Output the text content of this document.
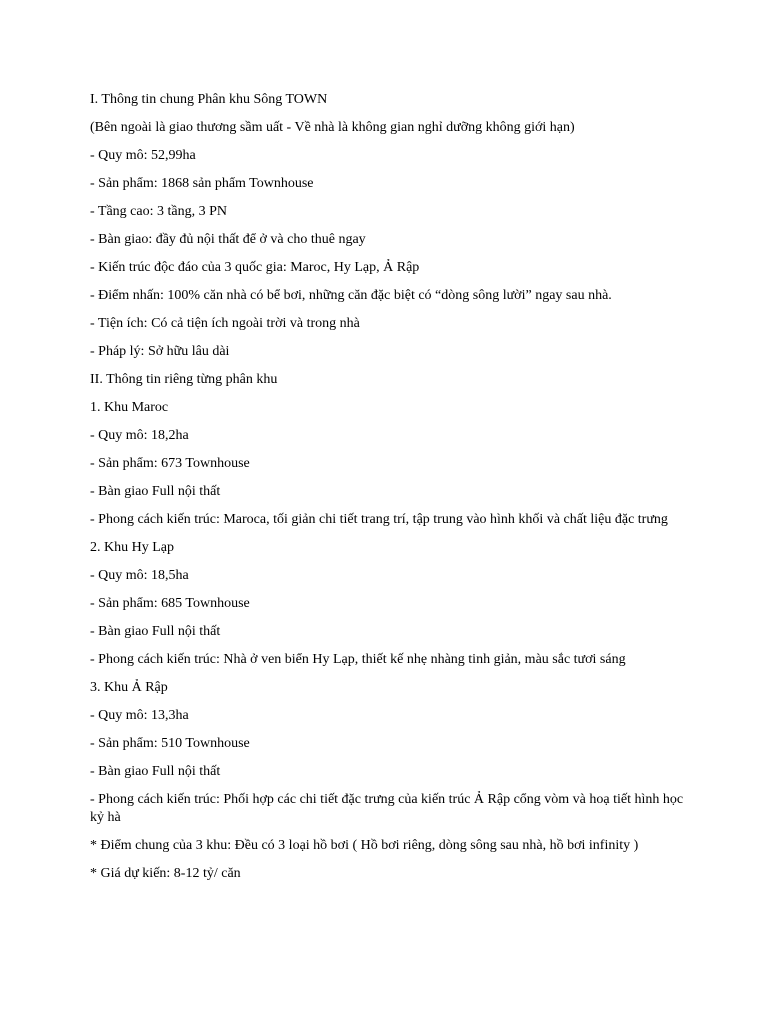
I. Thông tin chung Phân khu Sông TOWN

(Bên ngoài là giao thương sầm uất - Về nhà là không gian nghỉ dưỡng không giới hạn)

- Quy mô: 52,99ha

- Sản phẩm: 1868 sản phẩm Townhouse

- Tầng cao: 3 tầng, 3 PN

- Bàn giao: đầy đủ nội thất để ở và cho thuê ngay

- Kiến trúc độc đáo của 3 quốc gia: Maroc, Hy Lạp, Ả Rập

- Điểm nhấn: 100% căn nhà có bể bơi, những căn đặc biệt có “dòng sông lười” ngay sau nhà.

- Tiện ích: Có cả tiện ích ngoài trời và trong nhà

- Pháp lý: Sở hữu lâu dài

II. Thông tin riêng từng phân khu

1. Khu Maroc

- Quy mô: 18,2ha

- Sản phẩm: 673 Townhouse

- Bàn giao Full nội thất

- Phong cách kiến trúc: Maroca, tối giản chi tiết trang trí, tập trung vào hình khối và chất liệu đặc trưng

2. Khu Hy Lạp

- Quy mô: 18,5ha

- Sản phẩm: 685 Townhouse

- Bàn giao Full nội thất

- Phong cách kiến trúc: Nhà ở ven biển Hy Lạp, thiết kế nhẹ nhàng tinh giản, màu sắc tươi sáng

3. Khu Ả Rập

- Quy mô: 13,3ha

- Sản phẩm: 510 Townhouse

- Bàn giao Full nội thất

- Phong cách kiến trúc: Phối hợp các chi tiết đặc trưng của kiến trúc Ả Rập cổng vòm và hoạ tiết hình học kỷ hà

* Điểm chung của 3 khu: Đều có 3 loại hồ bơi ( Hồ bơi riêng, dòng sông sau nhà, hồ bơi infinity )

* Giá dự kiến: 8-12 tỷ/ căn
